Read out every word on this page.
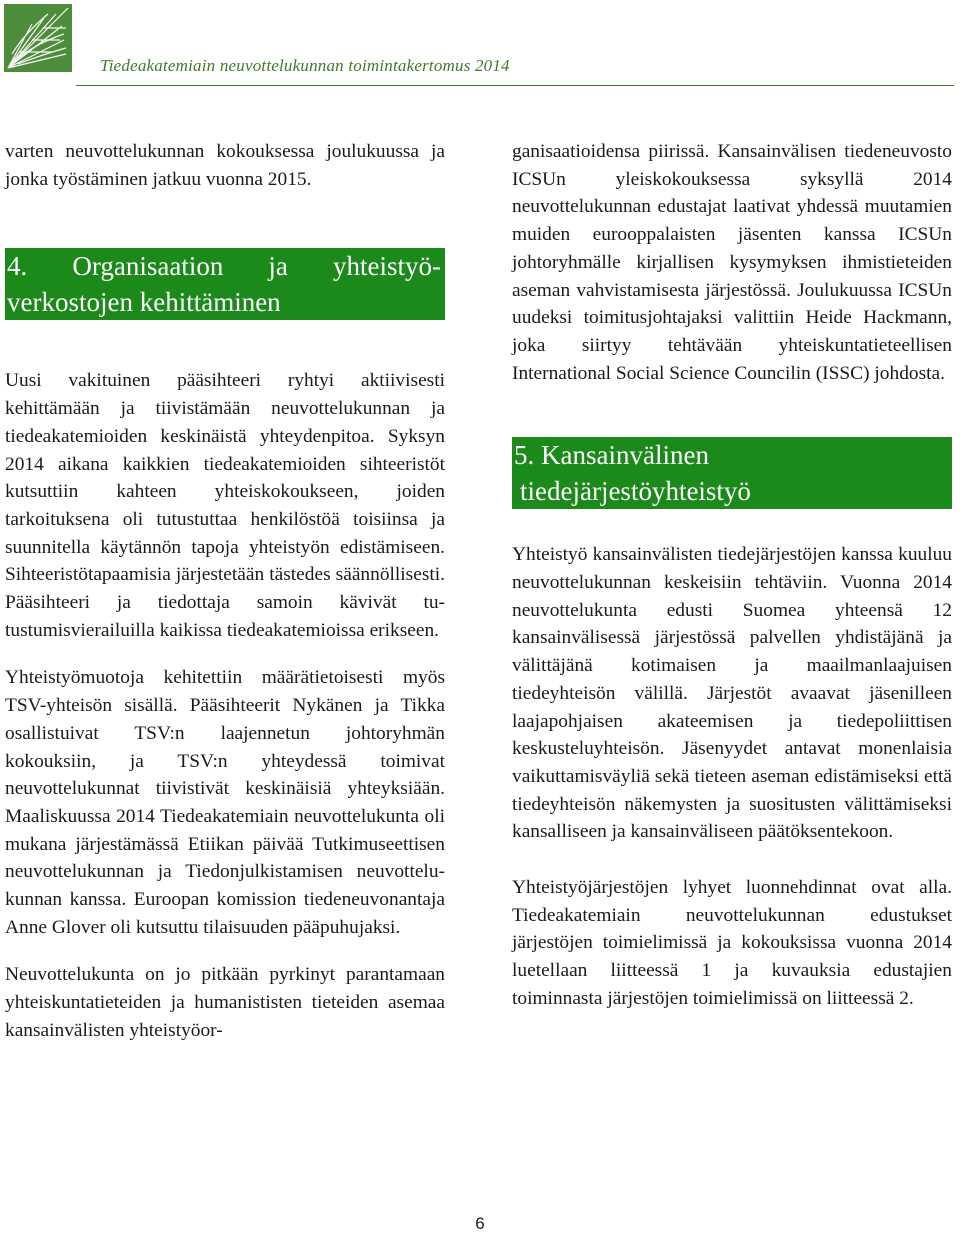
Tiedeakatemiain neuvottelukunnan toimintakertomus 2014

varten neuvottelukunnan kokouksessa joulukuussa ja jonka työstäminen jatkuu vuonna 2015.

4. Organisaation ja yhteistyö-
verkostojen kehittäminen

Uusi vakituinen pääsihteeri ryhtyi aktiivisesti kehittämään ja tiivistämään neuvottelukunnan ja tiedeakatemioiden keskinäistä yhteydenpitoa. Syksyn 2014 aikana kaikkien tiedeakatemioiden sihteeristöt kutsuttiin kahteen yhteiskokoukseen, joiden tarkoituksena oli tutustuttaa henkilöstöä toisiinsa ja suunnitella käytännön tapoja yhteistyön edistämiseen. Sihteeristötapaamisia järjestetään tästedes säännöllisesti. Pääsihteeri ja tiedottaja samoin kävivät tutustumisvierailuilla kaikissa tiedeakatemioissa erikseen.

Yhteistyömuotoja kehitettiin määrätietoisesti myös TSV-yhteisön sisällä. Pääsihteerit Nykänen ja Tikka osallistuivat TSV:n laajennetun johtoryhmän kokouksiin, ja TSV:n yhteydessä toimivat neuvottelukunnat tiivistivät keskinäisiä yhteyksiään. Maaliskuussa 2014 Tiedeakatemiain neuvottelukunta oli mukana järjestämässä Etiikan päivää Tutkimuseettisen neuvottelukunnan ja Tiedonjulkistamisen neuvottelukunnan kanssa. Euroopan komission tiedeneuvonantaja Anne Glover oli kutsuttu tilaisuuden pääpuhujaksi.

Neuvottelukunta on jo pitkään pyrkinyt parantamaan yhteiskuntatieteiden ja humanististen tieteiden asemaa kansainvälisten yhteistyöor-

ganisaatioidensa piirissä. Kansainvälisen tiedeneuvosto ICSUn yleiskokouksessa syksyllä 2014 neuvottelukunnan edustajat laativat yhdessä muutamien muiden eurooppalaisten jäsenten kanssa ICSUn johtoryhmälle kirjallisen kysymyksen ihmistieteiden aseman vahvistamisesta järjestössä. Joulukuussa ICSUn uudeksi toimitusjohtajaksi valittiin Heide Hackmann, joka siirtyy tehtävään yhteiskuntatieteellisen International Social Science Councilin (ISSC) johdosta.

5. Kansainvälinen
tiedejärjestöyhteistyö

Yhteistyö kansainvälisten tiedejärjestöjen kanssa kuuluu neuvottelukunnan keskeisiin tehtäviin. Vuonna 2014 neuvottelukunta edusti Suomea yhteensä 12 kansainvälisessä järjestössä palvellen yhdistäjänä ja välittäjänä kotimaisen ja maailmanlaajuisen tiedeyhteisön välillä. Järjestöt avaavat jäsenilleen laajapohjaisen akateemisen ja tiedepoliittisen keskusteluyhteisön. Jäsenyydet antavat monenlaisia vaikuttamisväyliä sekä tieteen aseman edistämiseksi että tiedeyhteisön näkemysten ja suositusten välittämiseksi kansalliseen ja kansainväliseen päätöksentekoon.

Yhteistyöjärjestöjen lyhyet luonnehdinnat ovat alla. Tiedeakatemiain neuvottelukunnan edustukset järjestöjen toimielimissä ja kokouksissa vuonna 2014 luetellaan liitteessä 1 ja kuvauksia edustajien toiminnasta järjestöjen toimielimissä on liitteessä 2.

6
